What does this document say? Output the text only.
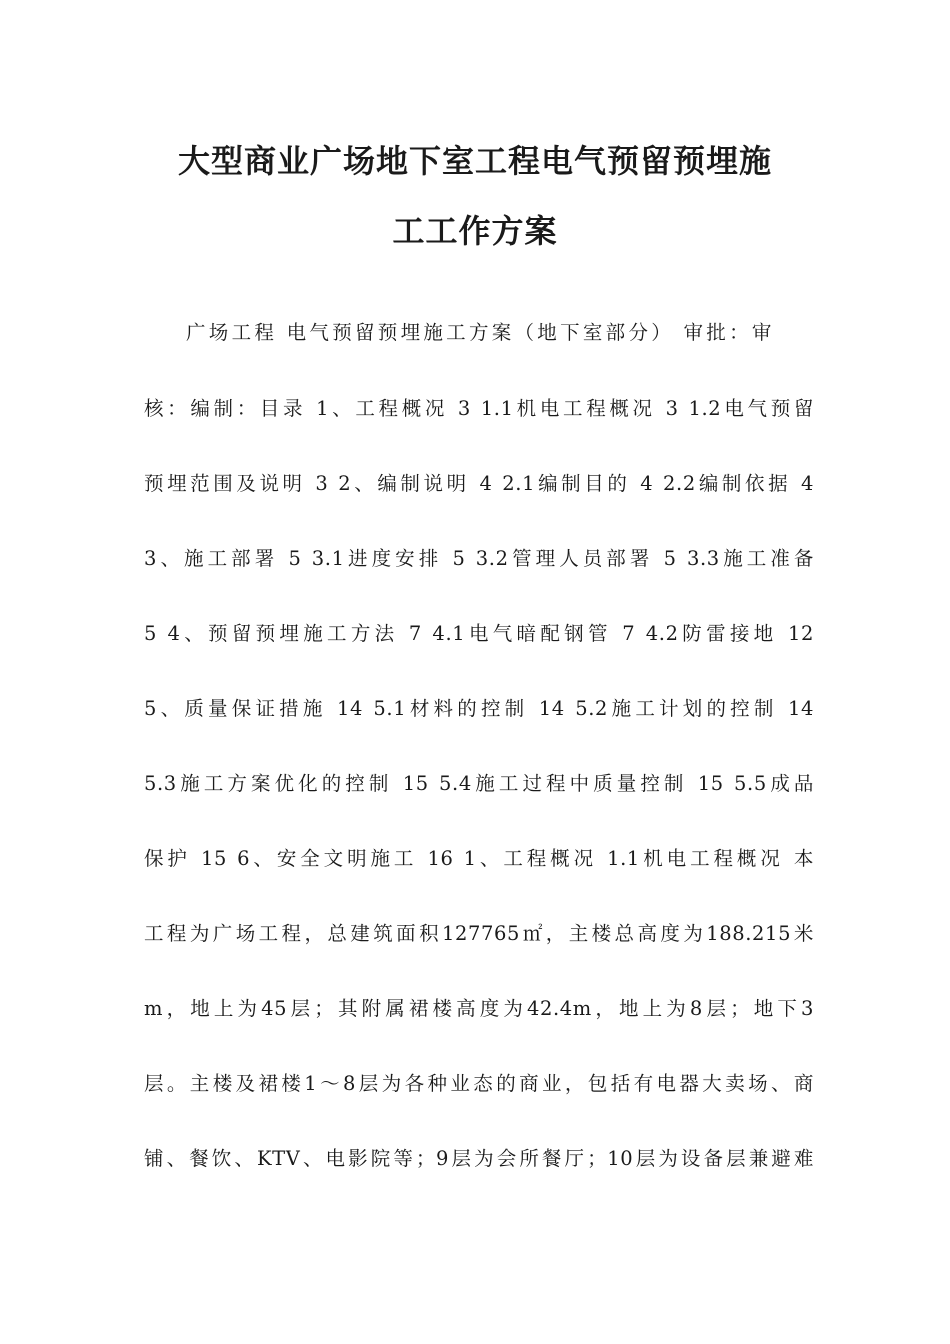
大型商业广场地下室工程电气预留预埋施
工工作方案
广场工程 电气预留预埋施工方案（地下室部分） 审批：审
核：编制：目录 1、工程概况 3 1.1机电工程概况 3 1.2电气预留
预埋范围及说明 3 2、编制说明 4 2.1编制目的 4 2.2编制依据 4
3、施工部署 5 3.1进度安排 5 3.2管理人员部署 5 3.3施工准备
5 4、预留预埋施工方法 7 4.1电气暗配钢管 7 4.2防雷接地 12
5、质量保证措施 14 5.1材料的控制 14 5.2施工计划的控制 14
5.3施工方案优化的控制 15 5.4施工过程中质量控制 15 5.5成品
保护 15 6、安全文明施工 16 1、工程概况 1.1机电工程概况 本
工程为广场工程，总建筑面积127765㎡，主楼总高度为188.215米
m，地上为45层；其附属裙楼高度为42.4m，地上为8层；地下3
层。主楼及裙楼1～8层为各种业态的商业，包括有电器大卖场、商
铺、餐饮、KTV、电影院等；9层为会所餐厅；10层为设备层兼避难
